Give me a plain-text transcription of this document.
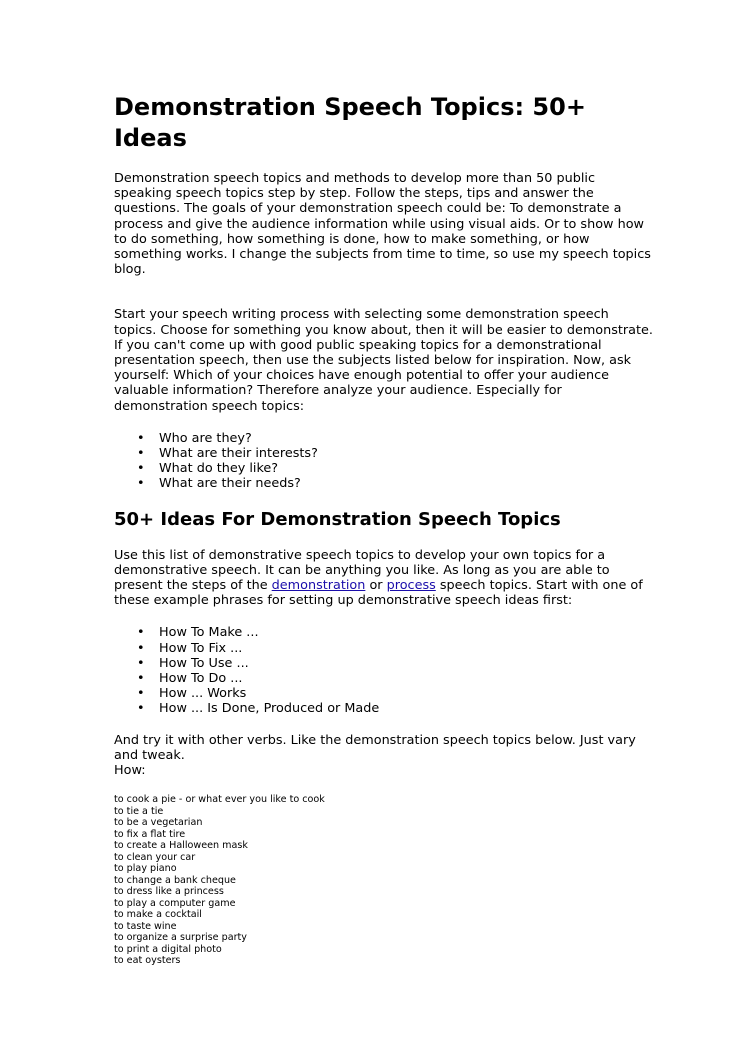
Demonstration Speech Topics: 50+ Ideas

Demonstration speech topics and methods to develop more than 50 public speaking speech topics step by step. Follow the steps, tips and answer the questions. The goals of your demonstration speech could be: To demonstrate a process and give the audience information while using visual aids. Or to show how to do something, how something is done, how to make something, or how something works. I change the subjects from time to time, so use my speech topics blog.

Start your speech writing process with selecting some demonstration speech topics. Choose for something you know about, then it will be easier to demonstrate. If you can't come up with good public speaking topics for a demonstrational presentation speech, then use the subjects listed below for inspiration. Now, ask yourself: Which of your choices have enough potential to offer your audience valuable information? Therefore analyze your audience. Especially for demonstration speech topics:

• Who are they?
• What are their interests?
• What do they like?
• What are their needs?
50+ Ideas For Demonstration Speech Topics

Use this list of demonstrative speech topics to develop your own topics for a demonstrative speech. It can be anything you like. As long as you are able to present the steps of the demonstration or process speech topics. Start with one of these example phrases for setting up demonstrative speech ideas first:

• How To Make ...
• How To Fix ...
• How To Use ...
• How To Do ...
• How ... Works
• How ... Is Done, Produced or Made

And try it with other verbs. Like the demonstration speech topics below. Just vary and tweak.

How:

to cook a pie - or what ever you like to cook
to tie a tie
to be a vegetarian
to fix a flat tire
to create a Halloween mask
to clean your car
to play piano
to change a bank cheque
to dress like a princess
to play a computer game
to make a cocktail
to taste wine
to organize a surprise party
to print a digital photo
to eat oysters
